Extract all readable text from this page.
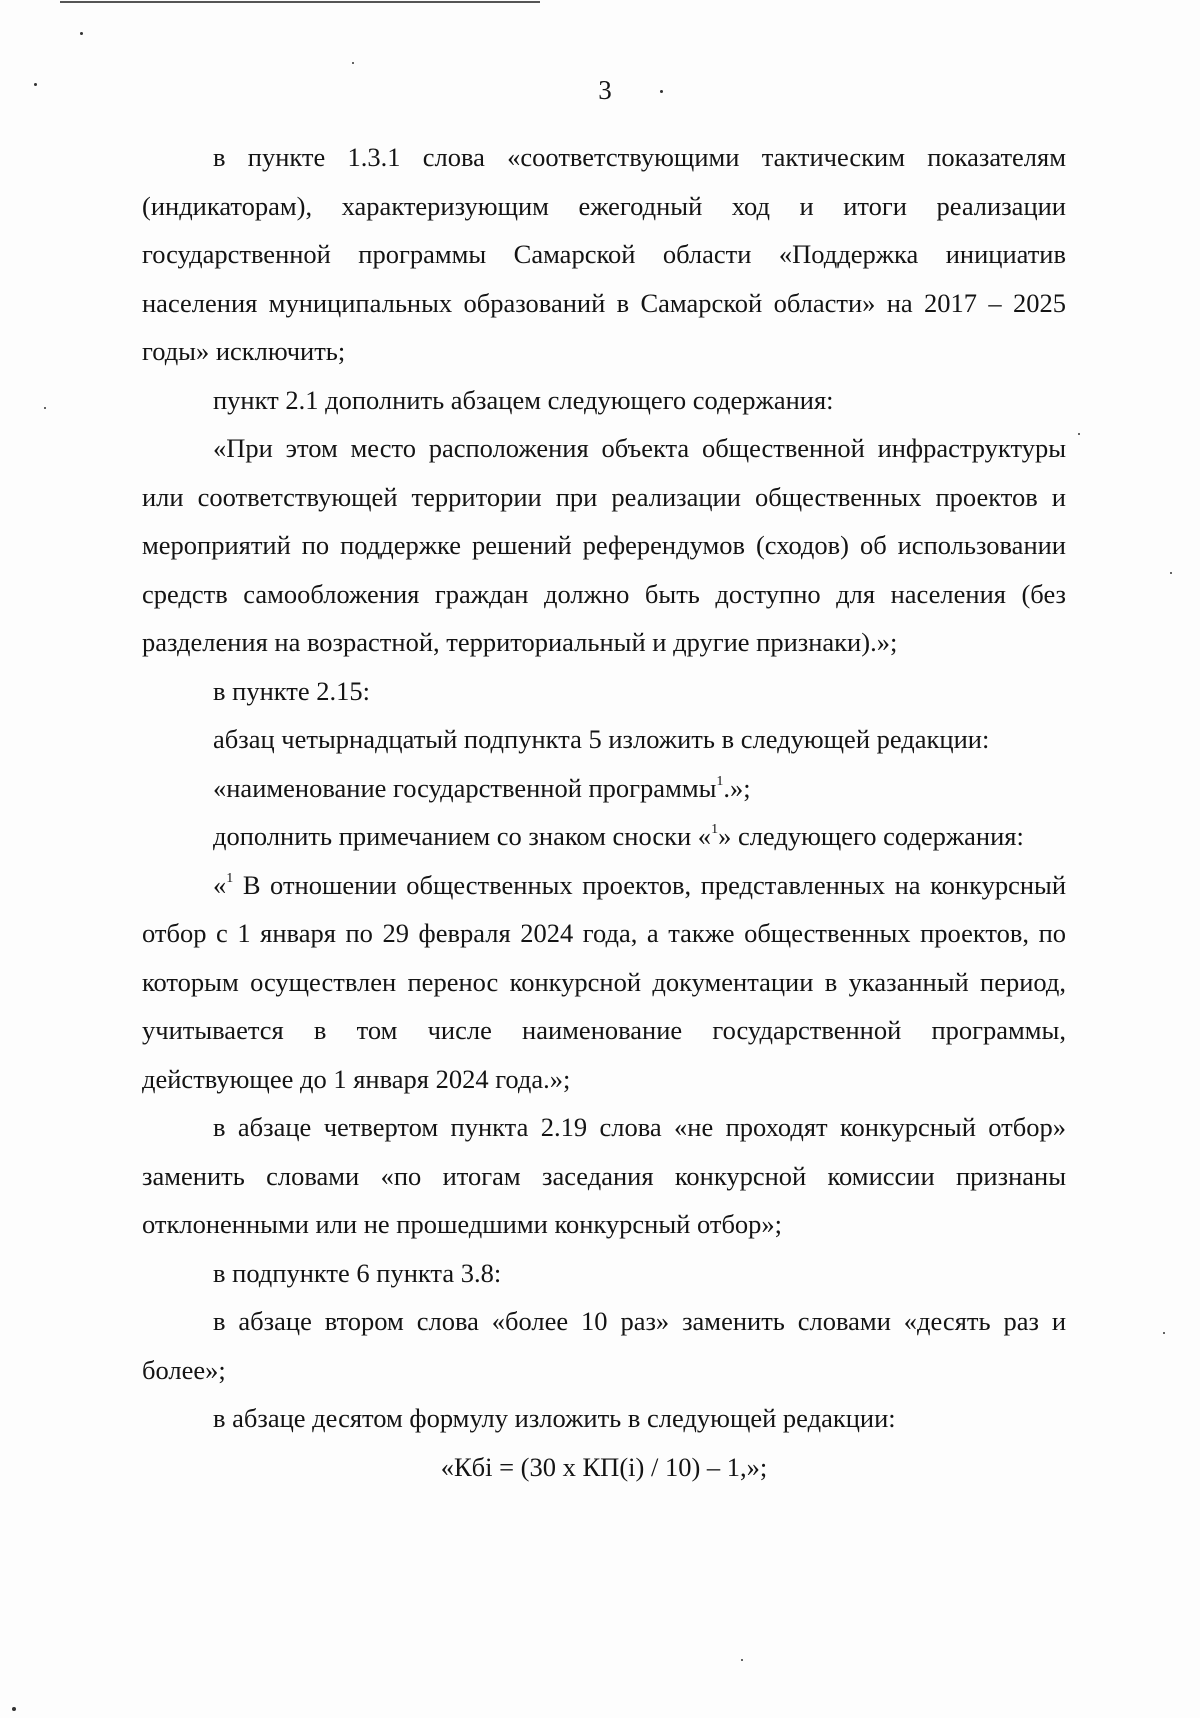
3

в пункте 1.3.1 слова «соответствующими тактическим показателям (индикаторам), характеризующим ежегодный ход и итоги реализации государственной программы Самарской области «Поддержка инициатив населения муниципальных образований в Самарской области» на 2017 – 2025 годы» исключить;

пункт 2.1 дополнить абзацем следующего содержания:

«При этом место расположения объекта общественной инфраструктуры или соответствующей территории при реализации общественных проектов и мероприятий по поддержке решений референдумов (сходов) об использовании средств самообложения граждан должно быть доступно для населения (без разделения на возрастной, территориальный и другие признаки).»;

в пункте 2.15:

абзац четырнадцатый подпункта 5 изложить в следующей редакции:

«наименование государственной программы$^1$.»;

дополнить примечанием со знаком сноски «$^1$» следующего содержания:

«$^1$ В отношении общественных проектов, представленных на конкурсный отбор с 1 января по 29 февраля 2024 года, а также общественных проектов, по которым осуществлен перенос конкурсной документации в указанный период, учитывается в том числе наименование государственной программы, действующее до 1 января 2024 года.»;

в абзаце четвертом пункта 2.19 слова «не проходят конкурсный отбор» заменить словами «по итогам заседания конкурсной комиссии признаны отклоненными или не прошедшими конкурсный отбор»;

в подпункте 6 пункта 3.8:

в абзаце втором слова «более 10 раз» заменить словами «десять раз и более»;

в абзаце десятом формулу изложить в следующей редакции:

«Кбi = (30 х КП(i) / 10) – 1,»;
